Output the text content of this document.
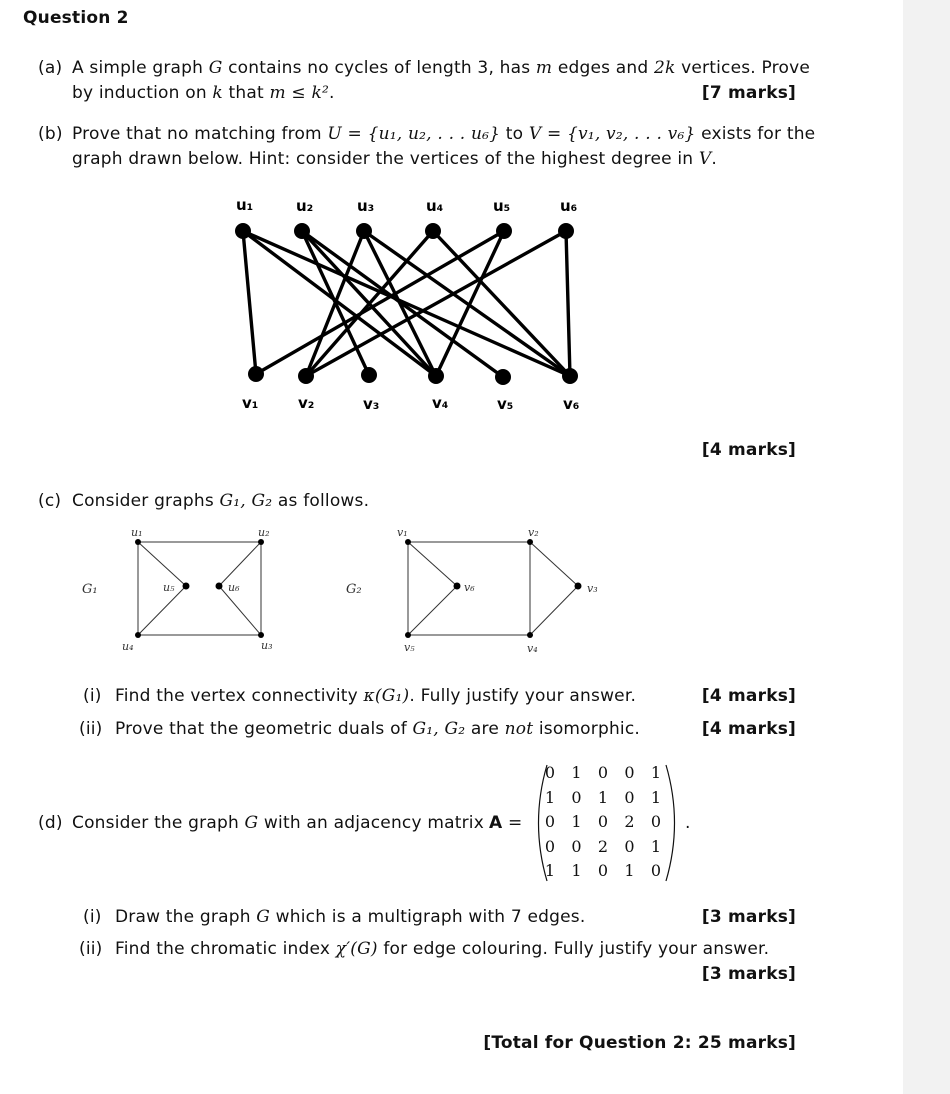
Question 2
(a) A simple graph G contains no cycles of length 3, has m edges and 2k vertices. Prove
by induction on k that m ≤ k².	[7 marks]
(b) Prove that no matching from U = {u₁, u₂, . . . u₆} to V = {v₁, v₂, . . . v₆} exists for the
graph drawn below. Hint: consider the vertices of the highest degree in V.
u₁	u₂	u₃	u₄	u₅	u₆
v₁	v₂	v₃	v₄	v₅	v₆
u₁	u₂
u₃
u₄
u₅	u₆
G₁
v₁	v₂
v₃
v₄
v₅
v₆
G₂
[4 marks]
(c) Consider graphs G₁, G₂ as follows.
(i) Find the vertex connectivity κ(G₁). Fully justify your answer.	[4 marks]
(ii) Prove that the geometric duals of G₁, G₂ are not isomorphic.	[4 marks]
(d) Consider the graph G with an adjacency matrix A =
0	1	0	0	1
1	0	1	0	1
0	1	0	2	0
0	0	2	0	1
1	1	0	1	0
.
(i) Draw the graph G which is a multigraph with 7 edges.	[3 marks]
(ii) Find the chromatic index χ′(G) for edge colouring. Fully justify your answer.
[3 marks]
[Total for Question 2: 25 marks]
